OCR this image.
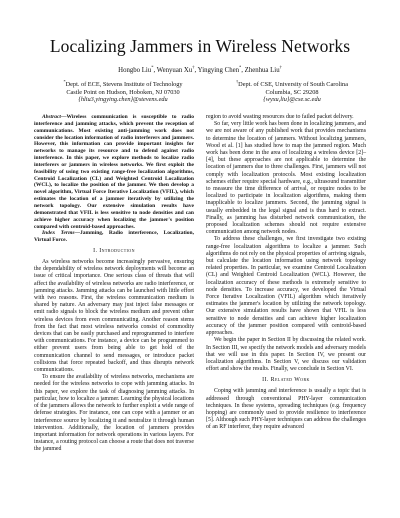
Localizing Jammers in Wireless Networks
Hongbo Liu*, Wenyuan Xu†, Yingying Chen*, Zhenhua Liu†
*Dept. of ECE, Stevens Institute of Technology
Castle Point on Hudson, Hoboken, NJ 07030
{hliu3,yingying.chen}@stevens.edu
†Dept. of CSE, University of South Carolina
Columbia, SC 29208
{wyxu,liu}@cse.sc.edu

Abstract—Wireless communication is susceptible to radio interference and jamming attacks, which prevent the reception of communications. Most existing anti-jamming work does not consider the location information of radio interferers and jammers. However, this information can provide important insights for networks to manage its resource and to defend against radio interference. In this paper, we explore methods to localize radio interferers or jammers in wireless networks. We first exploit the feasibility of using two existing range-free localization algorithms, Centroid Localization (CL) and Weighted Centroid Localization (WCL), to localize the position of the jammer. We then develop a novel algorithm, Virtual Force Iterative Localization (VFIL), which estimates the location of a jammer iteratively by utilizing the network topology. Our extensive simulation results have demonstrated that VFIL is less sensitive to node densities and can achieve higher accuracy when localizing the jammer's position compared with centroid-based approaches.

Index Terms—Jamming, Radio interference, Localization, Virtual Force.

I. Introduction

As wireless networks become increasingly pervasive, ensuring the dependability of wireless network deployments will become an issue of critical importance. One serious class of threats that will affect the availability of wireless networks are radio interference, or jamming attacks. Jamming attacks can be launched with little effort with two reasons. First, the wireless communication medium is shared by nature. An adversary may just inject false messages or emit radio signals to block the wireless medium and prevent other wireless devices from even communicating. Another reason stems from the fact that most wireless networks consist of commodity devices that can be easily purchased and reprogrammed to interfere with communications. For instance, a device can be programmed to either prevent users from being able to get hold of the communication channel to send messages, or introduce packet collisions that force repeated backoff, and thus disrupts network communications.

To ensure the availability of wireless networks, mechanisms are needed for the wireless networks to cope with jamming attacks. In this paper, we explore the task of diagnosing jamming attacks. In particular, how to localize a jammer. Learning the physical locations of the jammers allows the network to further exploit a wide range of defense strategies. For instance, one can cope with a jammer or an interference source by localizing it and neutralize it through human intervention. Additionally, the location of jammers provides important information for network operations in various layers. For instance, a routing protocol can choose a route that does not traverse the jammed

region to avoid wasting resources due to failed packet delivery.

So far, very little work has been done in localizing jammers, and we are not aware of any published work that provides mechanisms to determine the location of jammers. Without localizing jammers, Wood et al. [1] has studied how to map the jammed region. Much work has been done in the area of localizing a wireless device [2]–[4], but these approaches are not applicable to determine the location of jammers due to three challenges. First, jammers will not comply with localization protocols. Most existing localization schemes either require special hardware, e.g., ultrasound transmitter to measure the time difference of arrival, or require nodes to be localized to participate in localization algorithms, making them inapplicable to localize jammers. Second, the jamming signal is usually embedded in the legal signal and is thus hard to extract. Finally, as jamming has disturbed network communication, the proposed localization schemes should not require extensive communication among network nodes.

To address these challenges, we first investigate two existing range-free localization algorithms to localize a jammer. Such algorithms do not rely on the physical properties of arriving signals, but calculate the location information using network topology related properties. In particular, we examine Centroid Localization (CL) and Weighted Centroid Localization (WCL). However, the localization accuracy of these methods is extremely sensitive to node densities. To increase accuracy, we developed the Virtual Force Iterative Localization (VFIL) algorithm which iteratively estimates the jammer's location by utilizing the network topology. Our extensive simulation results have shown that VFIL is less sensitive to node densities and can achieve higher localization accuracy of the jammer position compared with centroid-based approaches.

We begin the paper in Section II by discussing the related work. In Section III, we specify the network models and adversary models that we will use in this paper. In Section IV, we present our localization algorithms. In Section V, we discuss our validation effort and show the results. Finally, we conclude in Section VI.

II. Related Work

Coping with jamming and interference is usually a topic that is addressed through conventional PHY-layer communication techniques. In these systems, spreading techniques (e.g. frequency hopping) are commonly used to provide resilience to interference [5]. Although such PHY-layer techniques can address the challenges of an RF interferer, they require advanced
